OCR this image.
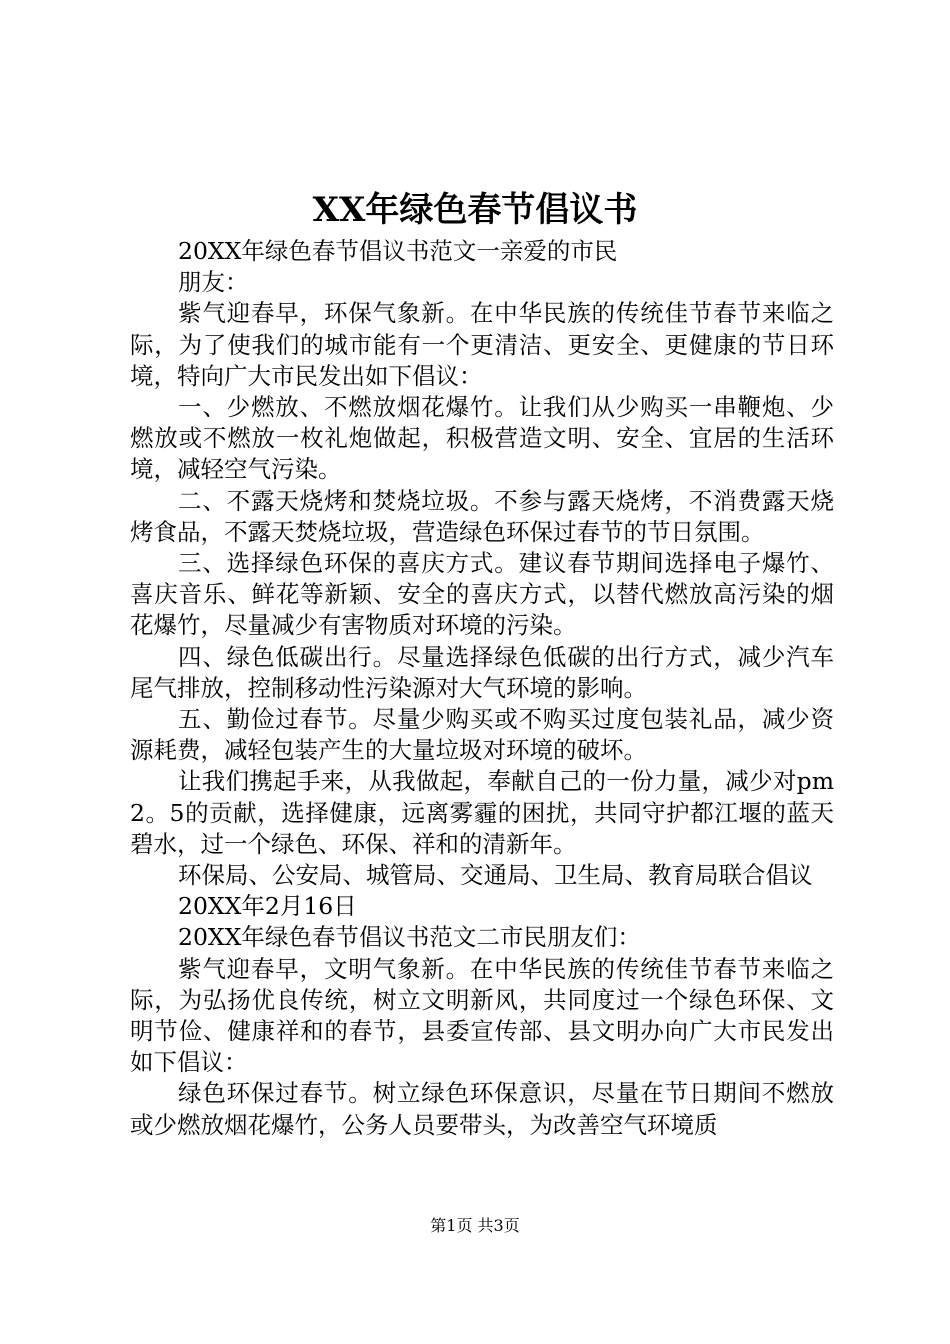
XX年绿色春节倡议书

20XX年绿色春节倡议书范文一亲爱的市民

朋友：

紫气迎春早，环保气象新。在中华民族的传统佳节春节来临之际，为了使我们的城市能有一个更清洁、更安全、更健康的节日环境，特向广大市民发出如下倡议：

一、少燃放、不燃放烟花爆竹。让我们从少购买一串鞭炮、少燃放或不燃放一枚礼炮做起，积极营造文明、安全、宜居的生活环境，减轻空气污染。

二、不露天烧烤和焚烧垃圾。不参与露天烧烤，不消费露天烧烤食品，不露天焚烧垃圾，营造绿色环保过春节的节日氛围。

三、选择绿色环保的喜庆方式。建议春节期间选择电子爆竹、喜庆音乐、鲜花等新颖、安全的喜庆方式，以替代燃放高污染的烟花爆竹，尽量减少有害物质对环境的污染。

四、绿色低碳出行。尽量选择绿色低碳的出行方式，减少汽车尾气排放，控制移动性污染源对大气环境的影响。

五、勤俭过春节。尽量少购买或不购买过度包装礼品，减少资源耗费，减轻包装产生的大量垃圾对环境的破坏。

让我们携起手来，从我做起，奉献自己的一份力量，减少对pm2。5的贡献，选择健康，远离雾霾的困扰，共同守护都江堰的蓝天碧水，过一个绿色、环保、祥和的清新年。

环保局、公安局、城管局、交通局、卫生局、教育局联合倡议

20XX年2月16日

20XX年绿色春节倡议书范文二市民朋友们：

紫气迎春早，文明气象新。在中华民族的传统佳节春节来临之际，为弘扬优良传统，树立文明新风，共同度过一个绿色环保、文明节俭、健康祥和的春节，县委宣传部、县文明办向广大市民发出如下倡议：

绿色环保过春节。树立绿色环保意识，尽量在节日期间不燃放或少燃放烟花爆竹，公务人员要带头，为改善空气环境质

第1页 共3页
